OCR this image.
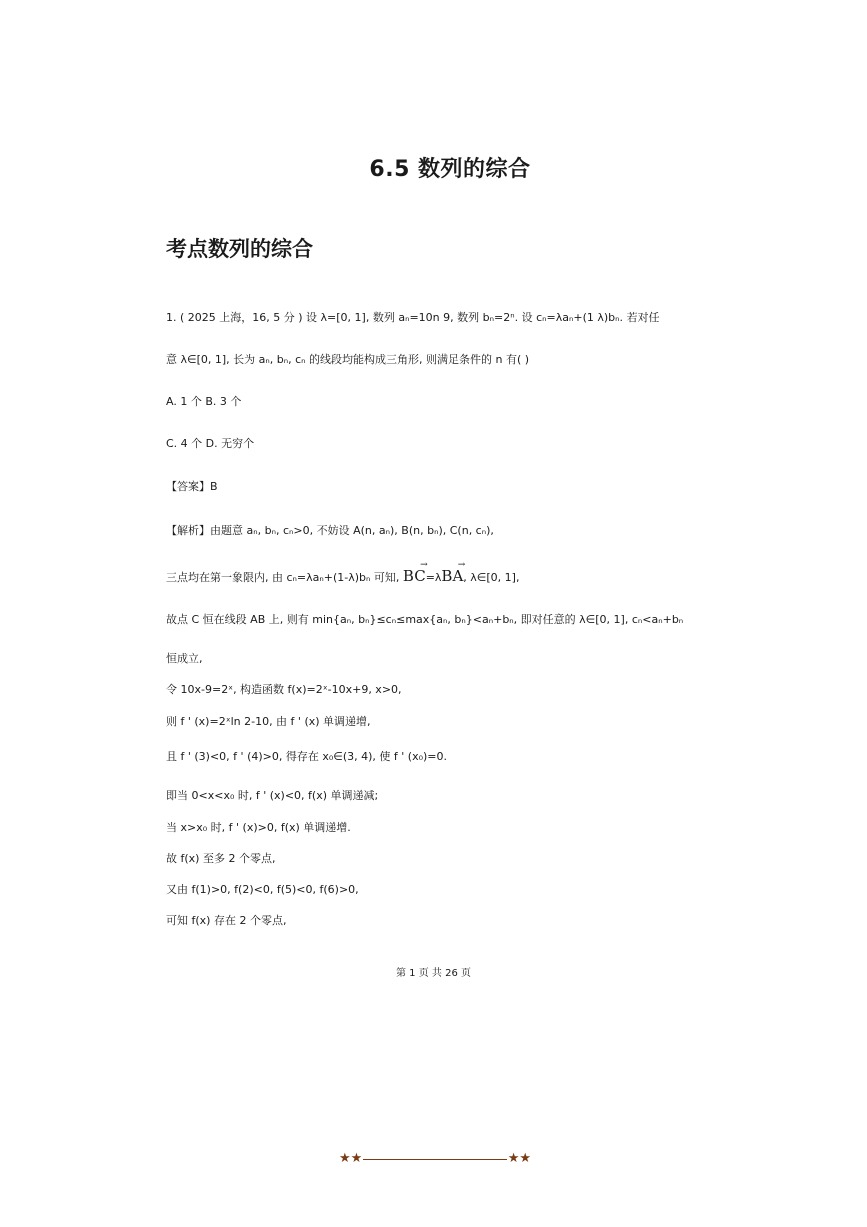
6.5 数列的综合
考点数列的综合
1. ( 2025 上海，16, 5 分 ) 设 λ=[0, 1], 数列 aₙ=10n 9, 数列 bₙ=2ⁿ. 设 cₙ=λaₙ+(1 λ)bₙ. 若对任
意 λ∈[0, 1], 长为 aₙ, bₙ, cₙ 的线段均能构成三角形, 则满足条件的 n 有( )
A. 1 个 B. 3 个
C. 4 个 D. 无穷个
【答案】B
【解析】由题意 aₙ, bₙ, cₙ>0, 不妨设 A(n, aₙ), B(n, bₙ), C(n, cₙ),
三点均在第一象限内, 由 cₙ=λaₙ+(1-λ)bₙ 可知, → BC=λ→ BA, λ∈[0, 1],
故点 C 恒在线段 AB 上, 则有 min{aₙ, bₙ}≤cₙ≤max{aₙ, bₙ}<aₙ+bₙ, 即对任意的 λ∈[0, 1], cₙ<aₙ+bₙ
恒成立,
令 10x-9=2ˣ, 构造函数 f(x)=2ˣ-10x+9, x>0,
则 f ' (x)=2ˣln 2-10, 由 f ' (x) 单调递增,
且 f ' (3)<0, f ' (4)>0, 得存在 x₀∈(3, 4), 使 f ' (x₀)=0.
即当 0<x<x₀ 时, f ' (x)<0, f(x) 单调递减;
当 x>x₀ 时, f ' (x)>0, f(x) 单调递增.
故 f(x) 至多 2 个零点,
又由 f(1)>0, f(2)<0, f(5)<0, f(6)>0,
可知 f(x) 存在 2 个零点,
第 1 页 共 26 页
★★	★★
